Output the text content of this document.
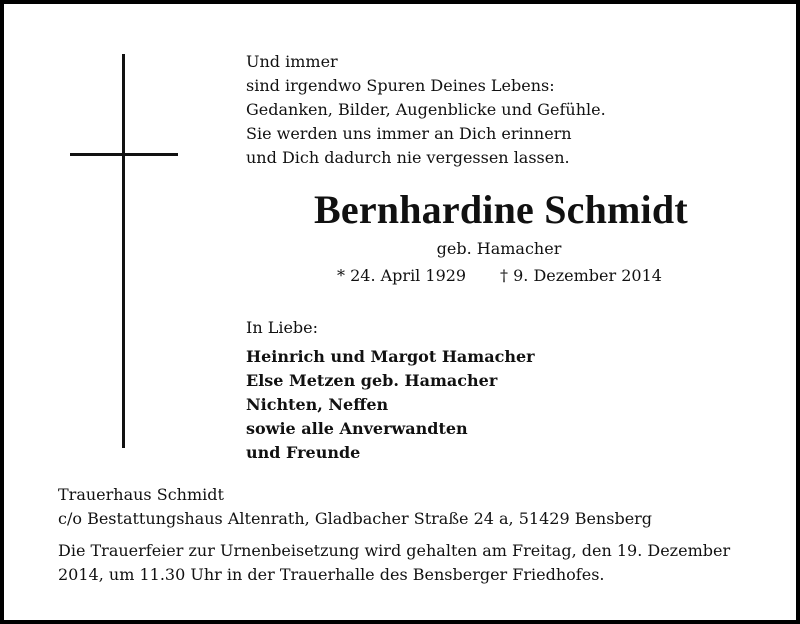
Und immer
sind irgendwo Spuren Deines Lebens:
Gedanken, Bilder, Augenblicke und Gefühle.
Sie werden uns immer an Dich erinnern
und Dich dadurch nie vergessen lassen.
Bernhardine Schmidt
geb. Hamacher
* 24. April 1929 † 9. Dezember 2014
In Liebe:
Heinrich und Margot Hamacher
Else Metzen geb. Hamacher
Nichten, Neffen
sowie alle Anverwandten
und Freunde
Trauerhaus Schmidt
c/o Bestattungshaus Altenrath, Gladbacher Straße 24 a, 51429 Bensberg
Die Trauerfeier zur Urnenbeisetzung wird gehalten am Freitag, den 19. Dezember 2014, um 11.30 Uhr in der Trauerhalle des Bensberger Friedhofes.
